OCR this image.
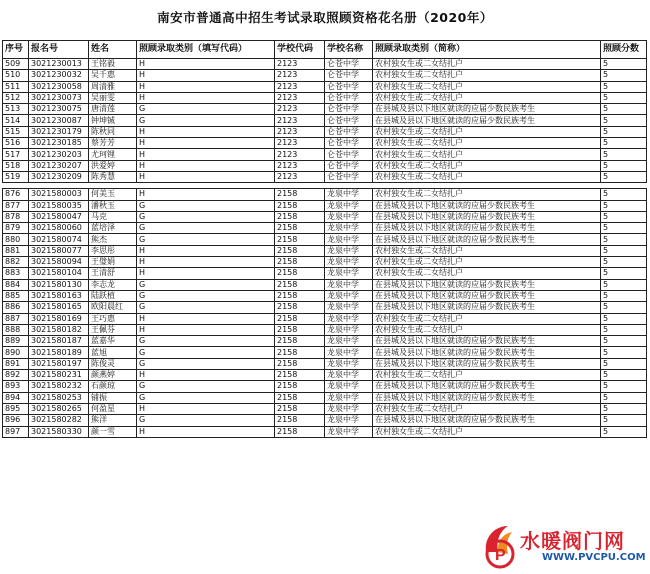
南安市普通高中招生考试录取照顾资格花名册（2020年）
序号	报名号	姓名	照顾录取类别（填写代码）	学校代码	学校名称	照顾录取类别（简称）	照顾分数
509	3021230013	王铭毅	H	2123	仑苍中学	农村独女生或二女结扎户	5
510	3021230032	吴千惠	H	2123	仑苍中学	农村独女生或二女结扎户	5
511	3021230058	周清雅	H	2123	仑苍中学	农村独女生或二女结扎户	5
512	3021230073	吴丽雯	H	2123	仑苍中学	农村独女生或二女结扎户	5
513	3021230075	唐清莲	G	2123	仑苍中学	在县城及县以下地区就读的应届少数民族考生	5
514	3021230087	钟坤铖	G	2123	仑苍中学	在县城及县以下地区就读的应届少数民族考生	5
515	3021230179	陈秋同	H	2123	仑苍中学	农村独女生或二女结扎户	5
516	3021230185	蔡芳芳	H	2123	仑苍中学	农村独女生或二女结扎户	5
517	3021230203	尤珂锂	H	2123	仑苍中学	农村独女生或二女结扎户	5
518	3021230207	洪爱婷	H	2123	仑苍中学	农村独女生或二女结扎户	5
519	3021230209	陈秀慧	H	2123	仑苍中学	农村独女生或二女结扎户	5

876	3021580003	何美玉	H	2158	龙泉中学	农村独女生或二女结扎户	5
877	3021580035	潘秋玉	G	2158	龙泉中学	在县城及县以下地区就读的应届少数民族考生	5
878	3021580047	马克	G	2158	龙泉中学	在县城及县以下地区就读的应届少数民族考生	5
879	3021580060	蓝培泽	G	2158	龙泉中学	在县城及县以下地区就读的应届少数民族考生	5
880	3021580074	熊杰	G	2158	龙泉中学	在县城及县以下地区就读的应届少数民族考生	5
881	3021580077	李思彤	H	2158	龙泉中学	农村独女生或二女结扎户	5
882	3021580094	王璧娟	H	2158	龙泉中学	农村独女生或二女结扎户	5
883	3021580104	王清舒	H	2158	龙泉中学	农村独女生或二女结扎户	5
884	3021580130	李志龙	G	2158	龙泉中学	在县城及县以下地区就读的应届少数民族考生	5
885	3021580163	陆跃植	G	2158	龙泉中学	在县城及县以下地区就读的应届少数民族考生	5
886	3021580165	欧阳晨红	G	2158	龙泉中学	在县城及县以下地区就读的应届少数民族考生	5
887	3021580169	王巧惠	H	2158	龙泉中学	农村独女生或二女结扎户	5
888	3021580182	王佩芬	H	2158	龙泉中学	农村独女生或二女结扎户	5
889	3021580187	蓝嘉华	G	2158	龙泉中学	在县城及县以下地区就读的应届少数民族考生	5
890	3021580189	蓝旭	G	2158	龙泉中学	在县城及县以下地区就读的应届少数民族考生	5
891	3021580197	陈俊灵	G	2158	龙泉中学	在县城及县以下地区就读的应届少数民族考生	5
892	3021580231	颜燕婷	H	2158	龙泉中学	农村独女生或二女结扎户	5
893	3021580232	石颜琼	G	2158	龙泉中学	在县城及县以下地区就读的应届少数民族考生	5
894	3021580253	铺振	G	2158	龙泉中学	在县城及县以下地区就读的应届少数民族考生	5
895	3021580265	何盈星	H	2158	龙泉中学	农村独女生或二女结扎户	5
896	3021580282	熊洋	G	2158	龙泉中学	在县城及县以下地区就读的应届少数民族考生	5
897	3021580330	颜一雪	H	2158	龙泉中学	农村独女生或二女结扎户	5
P
水暖阀门网
WWW.PVCPU.COM
